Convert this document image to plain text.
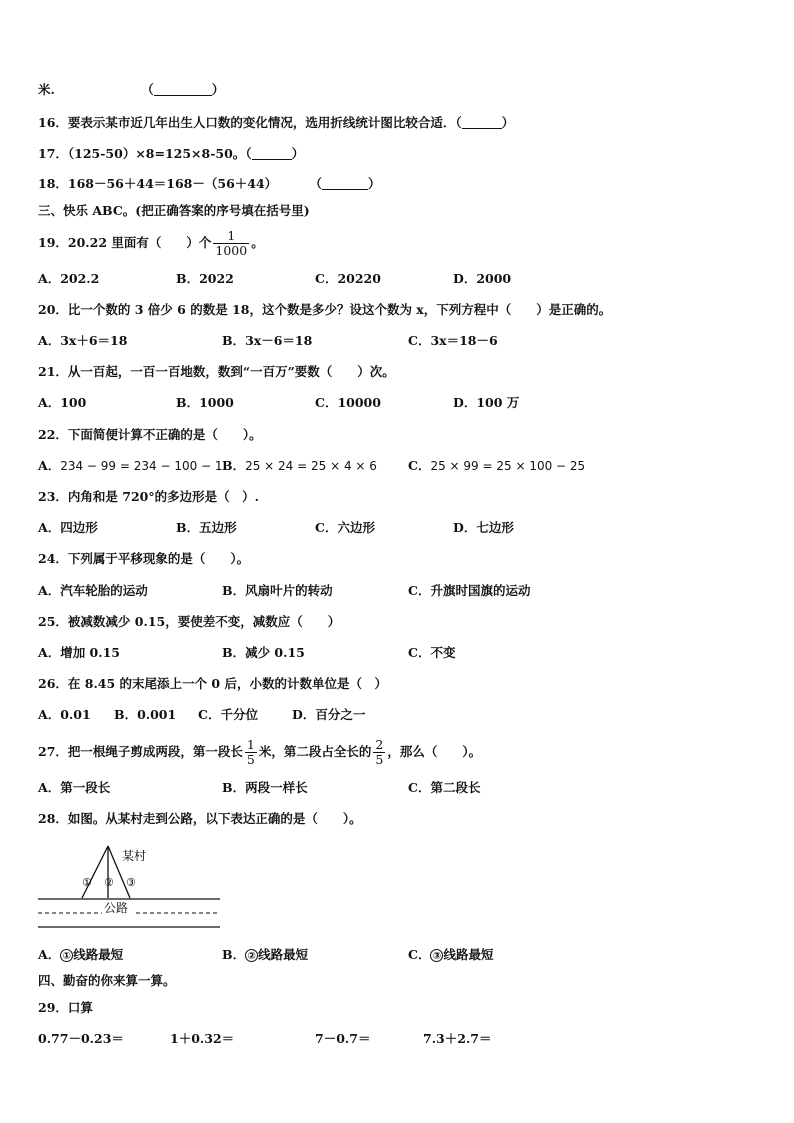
米.	（	）
16．要表示某市近几年出生人口数的变化情况，选用折线统计图比较合适．（	）
17．（125-50）×8=125×8-50。（	）
18．168－56＋44＝168－（56＋44）	（	）
三、快乐 ABC。(把正确答案的序号填在括号里)
19．20.22 里面有（　　）个 $\frac{1}{1000}$ 。
A．202.2	B．2022	C．20220	D．2000
20．比一个数的 3 倍少 6 的数是 18，这个数是多少？设这个数为 x，下列方程中（　　）是正确的。
A．3x＋6＝18	B．3x－6＝18	C．3x＝18－6
21．从一百起，一百一百地数，数到“一百万”要数（　　）次。
A．100	B．1000	C．10000	D．100 万
22．下面简便计算不正确的是（　　）。
A．234 − 99 = 234 − 100 − 1 B．25 × 24 = 25 × 4 × 6 C．25 × 99 = 25 × 100 − 25
23．内角和是 720°的多边形是（　）.
A．四边形	B．五边形	C．六边形	D．七边形
24．下列属于平移现象的是（　　）。
A．汽车轮胎的运动	B．风扇叶片的转动	C．升旗时国旗的运动
25．被减数减少 0.15，要使差不变，减数应（　　）
A．增加 0.15	B．减少 0.15	C．不变
26．在 8.45 的末尾添上一个 0 后，小数的计数单位是（　）
A．0.01 B．0.001 C．千分位	D．百分之一
27．把一根绳子剪成两段，第一段长 $\frac{1}{5}$ 米，第二段占全长的 $\frac{2}{5}$ ，那么（　　）。
A．第一段长	B．两段一样长	C．第二段长
28．如图。从某村走到公路，以下表达正确的是（　　）。
某村
① ② ③
公路
A． ① 线路最短	B． ② 线路最短	C． ③ 线路最短
四、勤奋的你来算一算。
29．口算
0.77－0.23＝	1＋0.32＝	7－0.7＝	7.3＋2.7＝
